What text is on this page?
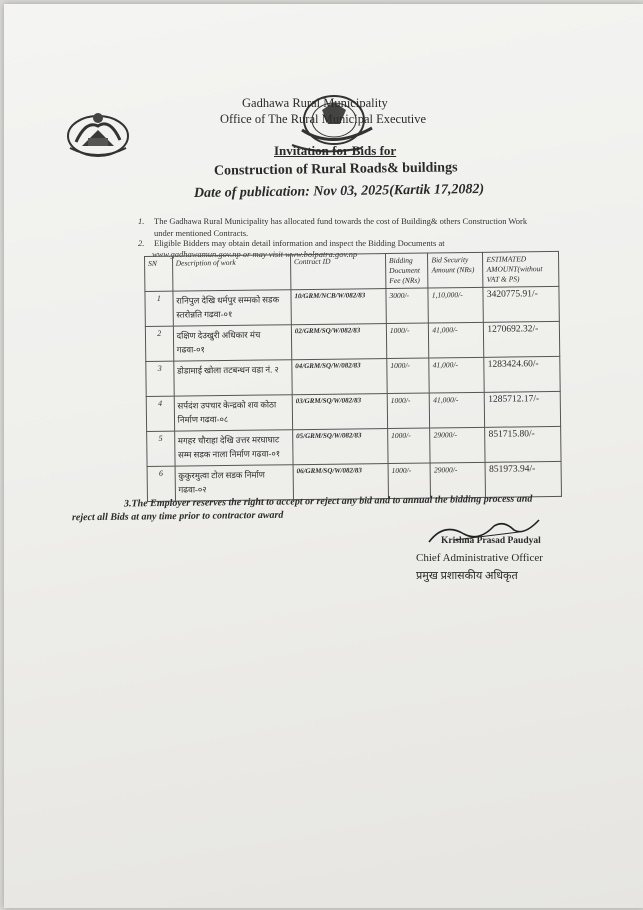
Gadhawa Rural Municipality
Office of The Rural Municipal Executive
Invitation for Bids for
Construction of Rural Roads& buildings
Date of publication: Nov 03, 2025(Kartik 17,2082)
1. The Gadhawa Rural Municipality has allocated fund towards the cost of Building& others Construction Work
under mentioned Contracts.
2. Eligible Bidders may obtain detail information and inspect the Bidding Documents at
www.gadhawamun.gov.np or may visit www.bolpatra.gov.np
SN	Description of work	Contract ID	Bidding Document Fee (NRs)	Bid Security Amount (NRs)	ESTIMATED AMOUNT(without VAT & PS)
1	रानिपुल देखि धर्मपुर सम्मको सडक स्तरोन्नति गढवा-०१	10/GRM/NCB/W/082/83	3000/-	1,10,000/-	3420775.91/-
2	दक्षिण देउखुरी अधिकार मंच गढवा-०१	02/GRM/SQ/W/082/83	1000/-	41,000/-	1270692.32/-
3	डोडामाई खोला तटबन्धन वडा नं. २	04/GRM/SQ/W/082/83	1000/-	41,000/-	1283424.60/-
4	सर्पदंश उपचार केन्द्रको शव कोठा निर्माण गढवा-०८	03/GRM/SQ/W/082/83	1000/-	41,000/-	1285712.17/-
5	मगहर चौराहा देखि उत्तर मरघाघाट सम्म सडक नाला निर्माण गढवा-०१	05/GRM/SQ/W/082/83	1000/-	29000/-	851715.80/-
6	कुकुरमुत्वा टोल सडक निर्माण गढवा-०२	06/GRM/SQ/W/082/83	1000/-	29000/-	851973.94/-
3.The Employer reserves the right to accept or reject any bid and to annual the bidding process and
reject all Bids at any time prior to contractor award
Krishna Prasad Paudyal
Chief Administrative Officer
प्रमुख प्रशासकीय अधिकृत
